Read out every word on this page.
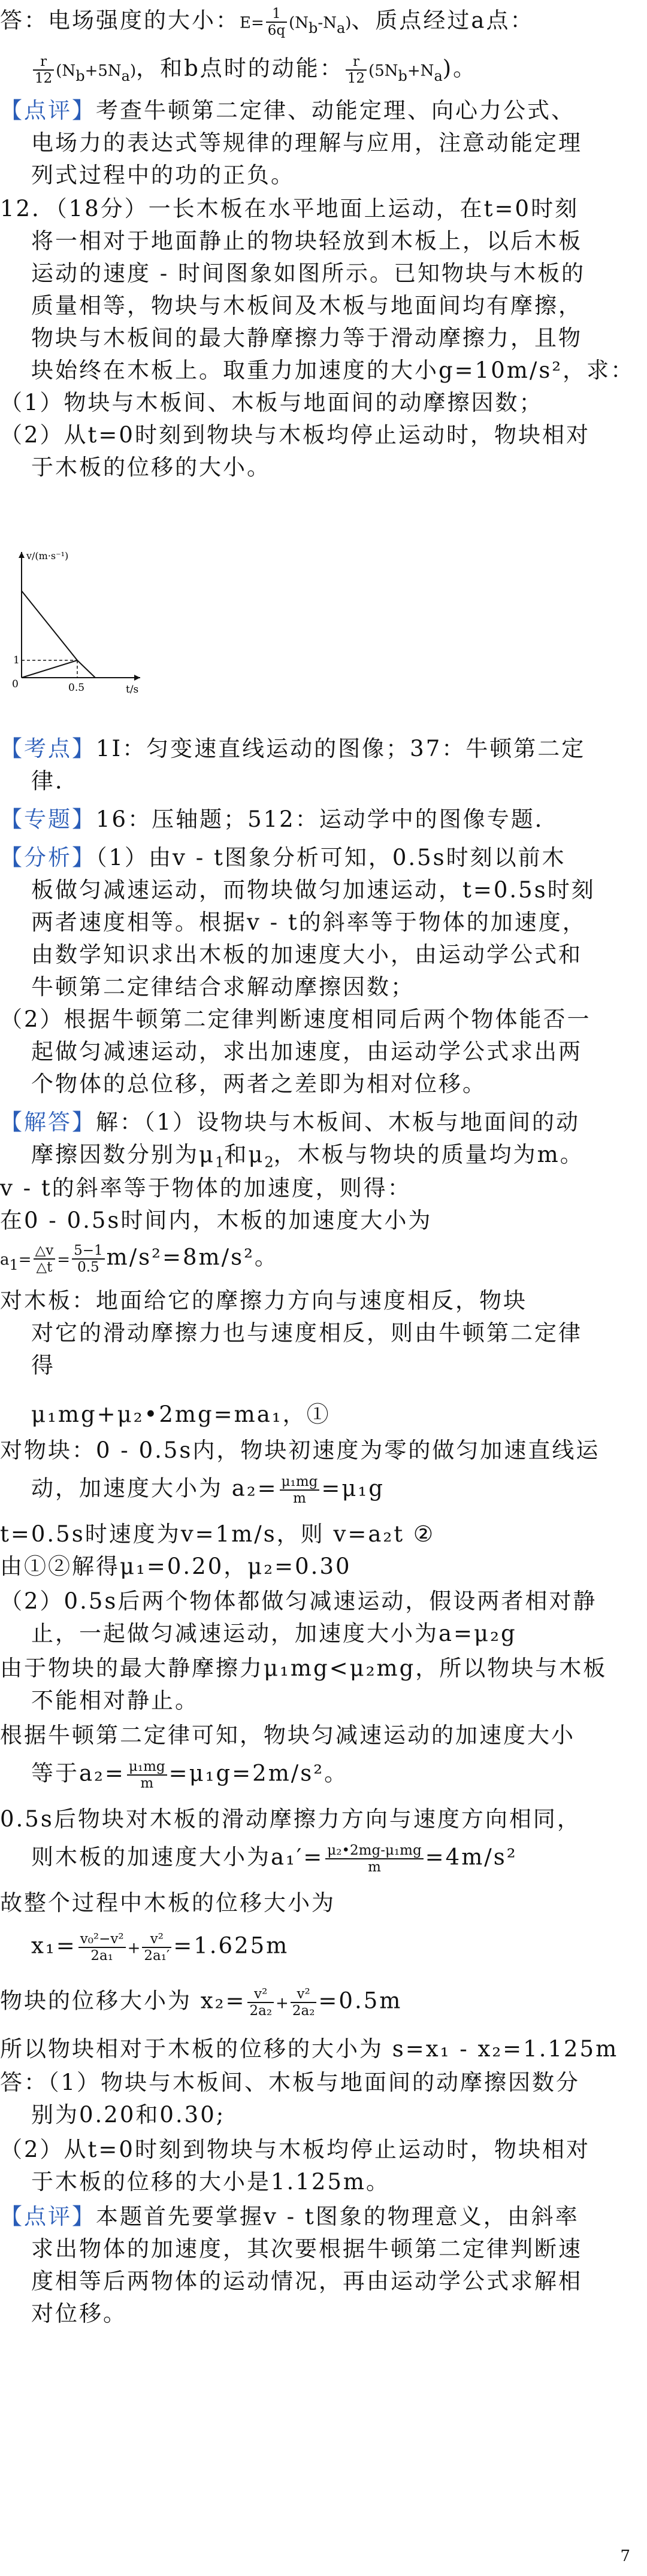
答：电场强度的大小：$E= \frac{1}{6q} (N_b-N_a)$、质点经过a点：
$\frac{r}{12} (N_b+5N_a)$，和b点时的动能： $\frac{r}{12} (5N_b+N_a)$。
【点评】考查牛顿第二定律、动能定理、向心力公式、
电场力的表达式等规律的理解与应用，注意动能定理
列式过程中的功的正负。
12．（18分）一长木板在水平地面上运动，在t=0时刻
将一相对于地面静止的物块轻放到木板上，以后木板
运动的速度 - 时间图象如图所示。已知物块与木板的
质量相等，物块与木板间及木板与地面间均有摩擦，
物块与木板间的最大静摩擦力等于滑动摩擦力，且物
块始终在木板上。取重力加速度的大小g=10m/s²，求：
（1）物块与木板间、木板与地面间的动摩擦因数；
（2）从t=0时刻到物块与木板均停止运动时，物块相对
于木板的位移的大小。
v/(m·s⁻¹)
t/s
0
1
0.5
【考点】1I：匀变速直线运动的图像；37：牛顿第二定
律．
【专题】16：压轴题；512：运动学中的图像专题．
【分析】（1）由v - t图象分析可知，0.5s时刻以前木
板做匀减速运动，而物块做匀加速运动，t=0.5s时刻
两者速度相等。根据v - t的斜率等于物体的加速度，
由数学知识求出木板的加速度大小，由运动学公式和
牛顿第二定律结合求解动摩擦因数；
（2）根据牛顿第二定律判断速度相同后两个物体能否一
起做匀减速运动，求出加速度，由运动学公式求出两
个物体的总位移，两者之差即为相对位移。
【解答】解：（1）设物块与木板间、木板与地面间的动
摩擦因数分别为$\mu_1$和$\mu_2$，木板与物块的质量均为m。
v - t的斜率等于物体的加速度，则得：
在0 - 0.5s时间内，木板的加速度大小为
$a_1= \frac{\triangle v}{\triangle t} = \frac{5-1}{0.5} m/s^2=8m/s^2$。
对木板：地面给它的摩擦力方向与速度相反，物块
对它的滑动摩擦力也与速度相反，则由牛顿第二定律
得
μ₁mg+μ₂•2mg=ma₁，①
对物块：0 - 0.5s内，物块初速度为零的做匀加速直线运
动，加速度大小为 $a_2= \frac{\text{μ₁mg}}{m} =\mu_1g$
t=0.5s时速度为v=1m/s，则 v=a₂t ②
由①②解得μ₁=0.20，μ₂=0.30
（2）0.5s后两个物体都做匀减速运动，假设两者相对静
止，一起做匀减速运动，加速度大小为a=μ₂g
由于物块的最大静摩擦力μ₁mg<μ₂mg，所以物块与木板
不能相对静止。
根据牛顿第二定律可知，物块匀减速运动的加速度大小
等于$a_2= \frac{\text{μ₁mg}}{m} =\mu_1g=2m/s^2$。
0.5s后物块对木板的滑动摩擦力方向与速度方向相同，
则木板的加速度大小为$a_1'= \frac{\text{μ₂•2mg-μ₁mg}}{m} =4m/s^2$
故整个过程中木板的位移大小为
$x_1= \frac{\text{v₀²−v²}}{\text{2a₁}} + \frac{\text{v²}}{\text{2a₁′}} =1.625m$
物块的位移大小为 $x_2= \frac{\text{v²}}{\text{2a₂}} + \frac{\text{v²}}{\text{2a₂}} =0.5m$
所以物块相对于木板的位移的大小为 s=x₁ - x₂=1.125m
答：（1）物块与木板间、木板与地面间的动摩擦因数分
别为0.20和0.30;
（2）从t=0时刻到物块与木板均停止运动时，物块相对
于木板的位移的大小是1.125m。
【点评】本题首先要掌握v - t图象的物理意义，由斜率
求出物体的加速度，其次要根据牛顿第二定律判断速
度相等后两物体的运动情况，再由运动学公式求解相
对位移。
7
